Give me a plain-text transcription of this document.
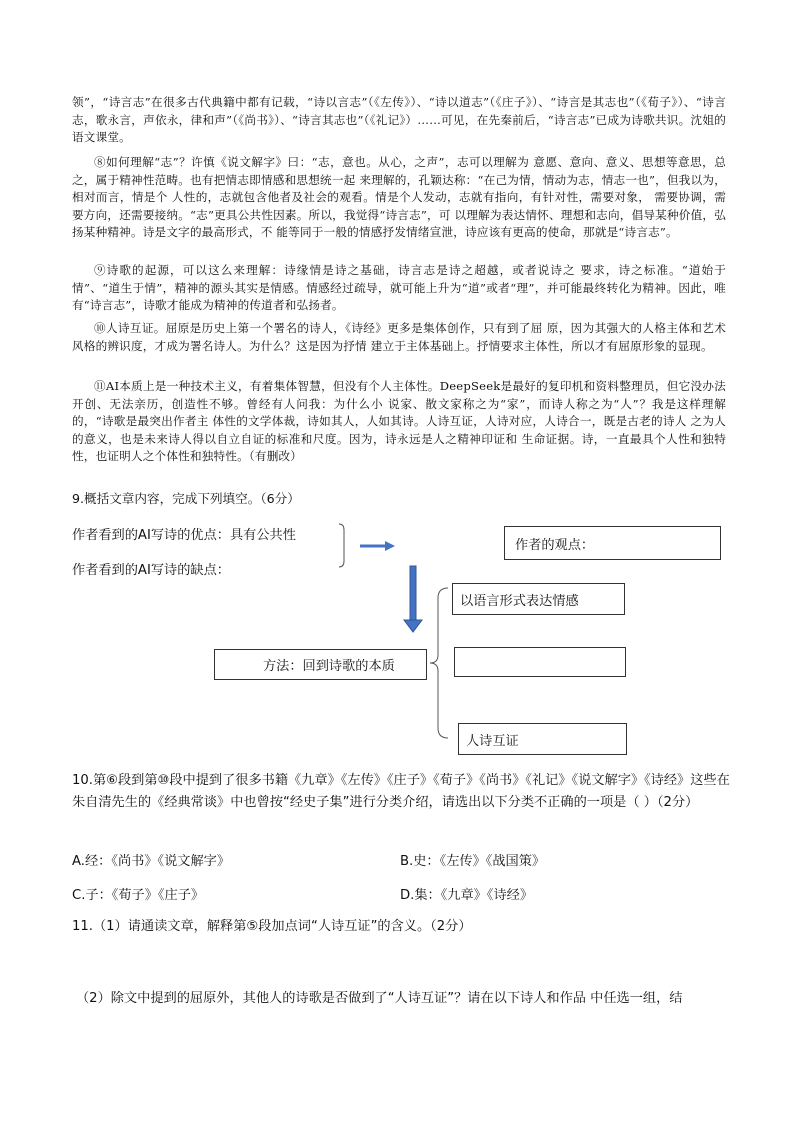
领”，“诗言志”在很多古代典籍中都有记载，“诗以言志”（《左传》）、“诗以道志”（《庄子》）、“诗言是其志也”（《荀子》）、“诗言志，歌永言，声依永，律和声”（《尚书》）、“诗言其志也”（《礼记》）……可见，在先秦前后，“诗言志”已成为诗歌共识。沈姐的语文课堂。

⑧如何理解“志”？许慎《说文解字》曰：“志，意也。从心，之声”，志可以理解为 意愿、意向、意义、思想等意思，总之，属于精神性范畴。也有把情志即情感和思想统一起 来理解的，孔颖达称：“在己为情，情动为志，情志一也”，但我以为，相对而言，情是个 人性的，志就包含他者及社会的观看。情是个人发动，志就有指向，有针对性，需要对象， 需要协调，需要方向，还需要接纳。“志”更具公共性因素。所以，我觉得“诗言志”，可 以理解为表达情怀、理想和志向，倡导某种价值，弘扬某种精神。诗是文字的最高形式，不 能等同于一般的情感抒发情绪宣泄，诗应该有更高的使命，那就是“诗言志”。

⑨诗歌的起源，可以这么来理解：诗缘情是诗之基础，诗言志是诗之超越，或者说诗之 要求，诗之标准。“道始于情”、“道生于情”，精神的源头其实是情感。情感经过疏导，就可能上升为“道”或者“理”，并可能最终转化为精神。因此，唯有“诗言志”，诗歌才能成为精神的传道者和弘扬者。

⑩人诗互证。屈原是历史上第一个署名的诗人，《诗经》更多是集体创作，只有到了屈 原，因为其强大的人格主体和艺术风格的辨识度，才成为署名诗人。为什么？这是因为抒情 建立于主体基础上。抒情要求主体性，所以才有屈原形象的显现。

⑪AI本质上是一种技术主义，有着集体智慧，但没有个人主体性。DeepSeek是最好的复印机和资料整理员，但它没办法开创、无法亲历，创造性不够。曾经有人问我：为什么小 说家、散文家称之为“家”，而诗人称之为“人”？我是这样理解的，“诗歌是最突出作者主 体性的文学体裁，诗如其人，人如其诗。人诗互证，人诗对应，人诗合一，既是古老的诗人 之为人的意义，也是未来诗人得以自立自证的标准和尺度。因为，诗永远是人之精神印证和 生命证据。诗，一直最具个人性和独特性，也证明人之个体性和独特性。（有删改）

9.概括文章内容，完成下列填空。（6分）

作者看到的AI写诗的优点：具有公共性
作者看到的AI写诗的缺点：
作者的观点：
方法：回到诗歌的本质
以语言形式表达情感
人诗互证

10.第⑥段到第⑩段中提到了很多书籍《九章》《左传》《庄子》《荀子》《尚书》《礼记》《说文解字》《诗经》这些在朱自清先生的《经典常谈》中也曾按“经史子集”进行分类介绍，请选出以下分类不正确的一项是（ ）（2分）

A.经：《尚书》《说文解字》	B.史：《左传》《战国策》
C.子：《荀子》《庄子》	D.集：《九章》《诗经》

11.（1）请通读文章，解释第⑤段加点词“人诗互证”的含义。（2分）

（2）除文中提到的屈原外，其他人的诗歌是否做到了“人诗互证”？请在以下诗人和作品 中任选一组，结
